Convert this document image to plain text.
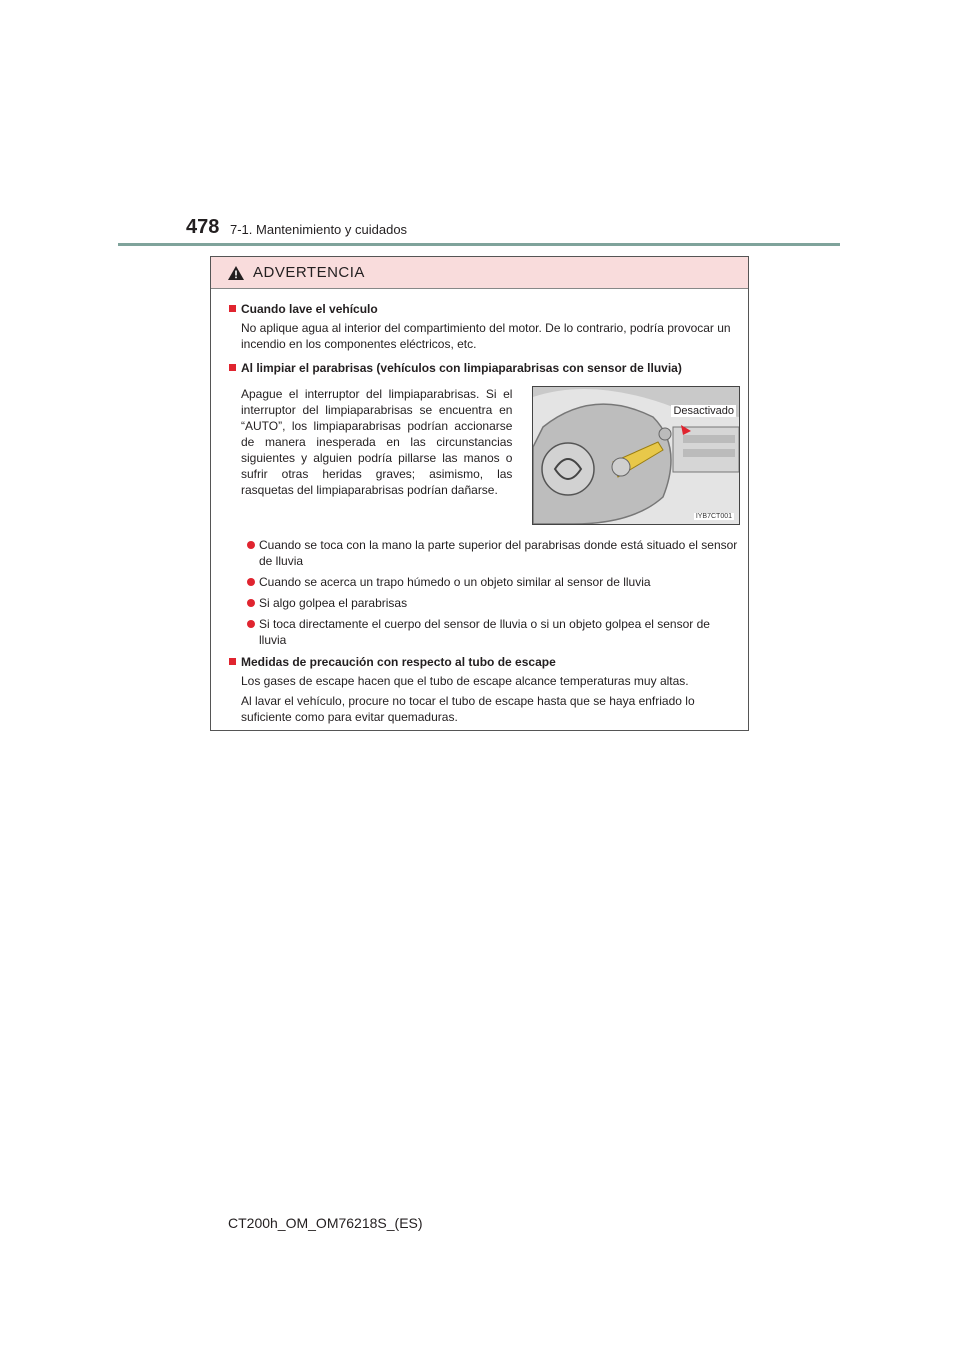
478 7-1. Mantenimiento y cuidados
ADVERTENCIA
Cuando lave el vehículo
No aplique agua al interior del compartimiento del motor. De lo contrario, podría provocar un incendio en los componentes eléctricos, etc.
Al limpiar el parabrisas (vehículos con limpiaparabrisas con sensor de lluvia)
Apague el interruptor del limpiaparabrisas. Si el interruptor del limpiaparabrisas se encuentra en “AUTO”, los limpiaparabrisas podrían accionarse de manera inesperada en las circunstancias siguientes y alguien podría pillarse las manos o sufrir otras heridas graves; asimismo, las rasquetas del limpiaparabrisas podrían dañarse.
Desactivado
IYB7CT001
Cuando se toca con la mano la parte superior del parabrisas donde está situado el sensor de lluvia
Cuando se acerca un trapo húmedo o un objeto similar al sensor de lluvia
Si algo golpea el parabrisas
Si toca directamente el cuerpo del sensor de lluvia o si un objeto golpea el sensor de lluvia
Medidas de precaución con respecto al tubo de escape
Los gases de escape hacen que el tubo de escape alcance temperaturas muy altas.
Al lavar el vehículo, procure no tocar el tubo de escape hasta que se haya enfriado lo suficiente como para evitar quemaduras.
CT200h_OM_OM76218S_(ES)
